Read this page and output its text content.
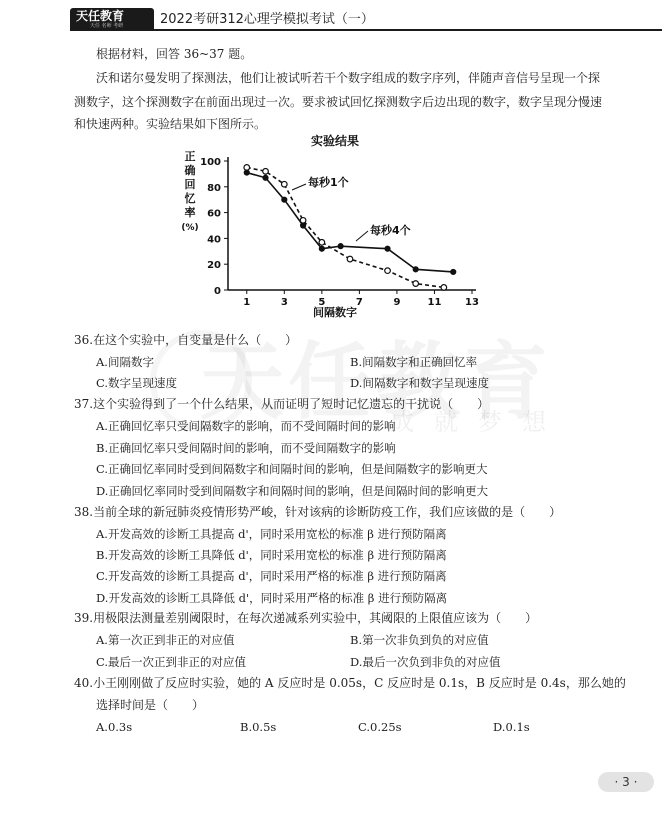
天任教育
天任 名师 考研	2022考研312心理学模拟考试（一）
成就梦想
根据材料，回答 36~37 题。
沃和诺尔曼发明了探测法，他们让被试听若干个数字组成的数字序列，伴随声音信号呈现一个探
测数字，这个探测数字在前面出现过一次。要求被试回忆探测数字后边出现的数字，数字呈现分慢速
和快速两种。实验结果如下图所示。
实验结果
正
确
回
忆
率
(%)
1	3	5	7	9	11 13
0
20
40
60
80
100
每秒1个
每秒4个
间隔数字
36.在这个实验中，自变量是什么（　　）
A.间隔数字	B.间隔数字和正确回忆率
C.数字呈现速度	D.间隔数字和数字呈现速度
37.这个实验得到了一个什么结果，从而证明了短时记忆遗忘的干扰说（　　）
A.正确回忆率只受间隔数字的影响，而不受间隔时间的影响
B.正确回忆率只受间隔时间的影响，而不受间隔数字的影响
C.正确回忆率同时受到间隔数字和间隔时间的影响，但是间隔数字的影响更大
D.正确回忆率同时受到间隔数字和间隔时间的影响，但是间隔时间的影响更大
38.当前全球的新冠肺炎疫情形势严峻，针对该病的诊断防疫工作，我们应该做的是（　　）
A.开发高效的诊断工具提高 d'，同时采用宽松的标准 β 进行预防隔离
B.开发高效的诊断工具降低 d'，同时采用宽松的标准 β 进行预防隔离
C.开发高效的诊断工具提高 d'，同时采用严格的标准 β 进行预防隔离
D.开发高效的诊断工具降低 d'，同时采用严格的标准 β 进行预防隔离
39.用极限法测量差别阈限时，在每次递减系列实验中，其阈限的上限值应该为（　　）
A.第一次正到非正的对应值	B.第一次非负到负的对应值
C.最后一次正到非正的对应值	D.最后一次负到非负的对应值
40.小王刚刚做了反应时实验，她的 A 反应时是 0.05s，C 反应时是 0.1s，B 反应时是 0.4s，那么她的
选择时间是（　　）
A.0.3s	B.0.5s	C.0.25s	D.0.1s
· 3 ·
